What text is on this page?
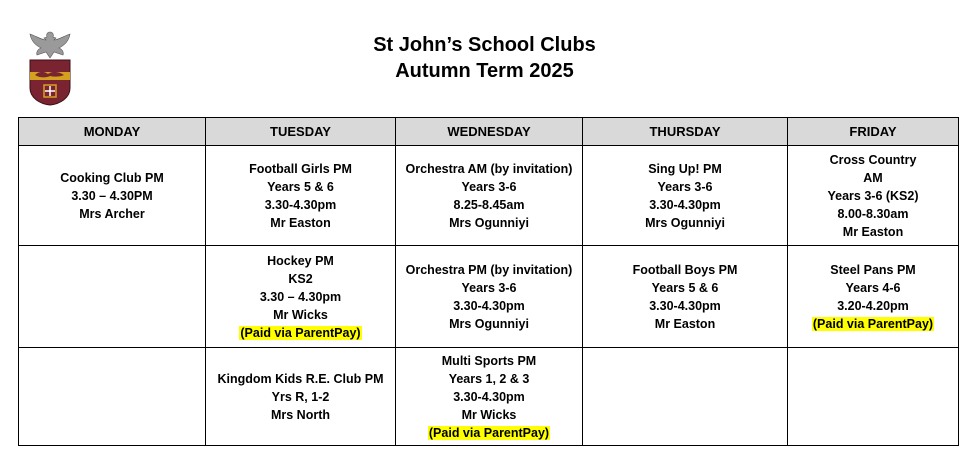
St John’s School Clubs
Autumn Term 2025
MONDAY	TUESDAY	WEDNESDAY	THURSDAY	FRIDAY

Cooking Club PM
3.30 – 4.30PM
Mrs Archer	Football Girls PM
Years 5 & 6
3.30-4.30pm
Mr Easton	Orchestra AM (by invitation)
Years 3-6
8.25-8.45am
Mrs Ogunniyi	Sing Up! PM
Years 3-6
3.30-4.30pm
Mrs Ogunniyi	Cross Country
AM
Years 3-6 (KS2)
8.00-8.30am
Mr Easton

	Hockey PM
KS2
3.30 – 4.30pm
Mr Wicks
(Paid via ParentPay)	Orchestra PM (by invitation)
Years 3-6
3.30-4.30pm
Mrs Ogunniyi	Football Boys PM
Years 5 & 6
3.30-4.30pm
Mr Easton	Steel Pans PM
Years 4-6
3.20-4.20pm
(Paid via ParentPay)

	Kingdom Kids R.E. Club PM
Yrs R, 1-2
Mrs North	Multi Sports PM
Years 1, 2 & 3
3.30-4.30pm
Mr Wicks
(Paid via ParentPay)		
